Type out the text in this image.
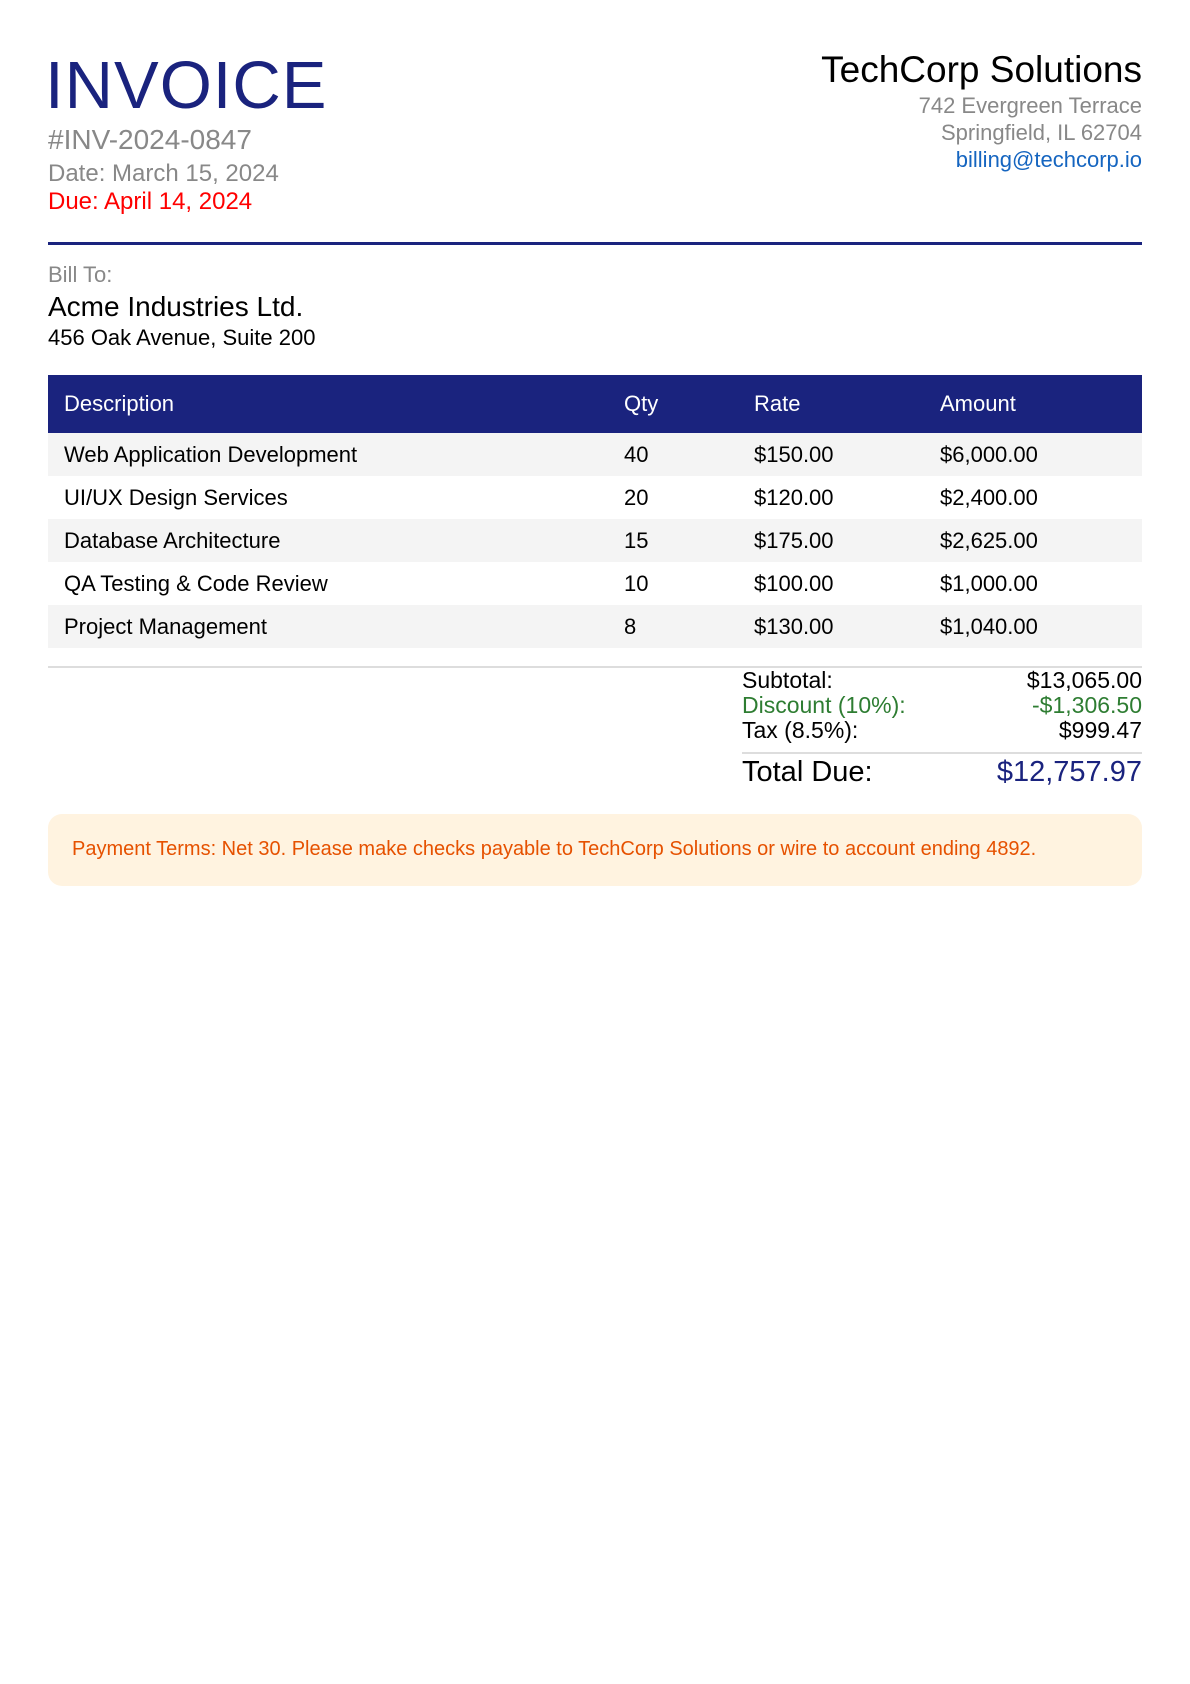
INVOICE
#INV-2024-0847
Date: March 15, 2024
Due: April 14, 2024
TechCorp Solutions
742 Evergreen Terrace
Springfield, IL 62704
billing@techcorp.io
Bill To:
Acme Industries Ltd.
456 Oak Avenue, Suite 200
Description	Qty	Rate	Amount
Web Application Development	40	$150.00	$6,000.00
UI/UX Design Services	20	$120.00	$2,400.00
Database Architecture	15	$175.00	$2,625.00
QA Testing & Code Review	10	$100.00	$1,000.00
Project Management	8	$130.00	$1,040.00
Subtotal:	$13,065.00
Discount (10%):	-$1,306.50
Tax (8.5%):	$999.47
Total Due:	$12,757.97
Payment Terms: Net 30. Please make checks payable to TechCorp Solutions or wire to account ending 4892.
